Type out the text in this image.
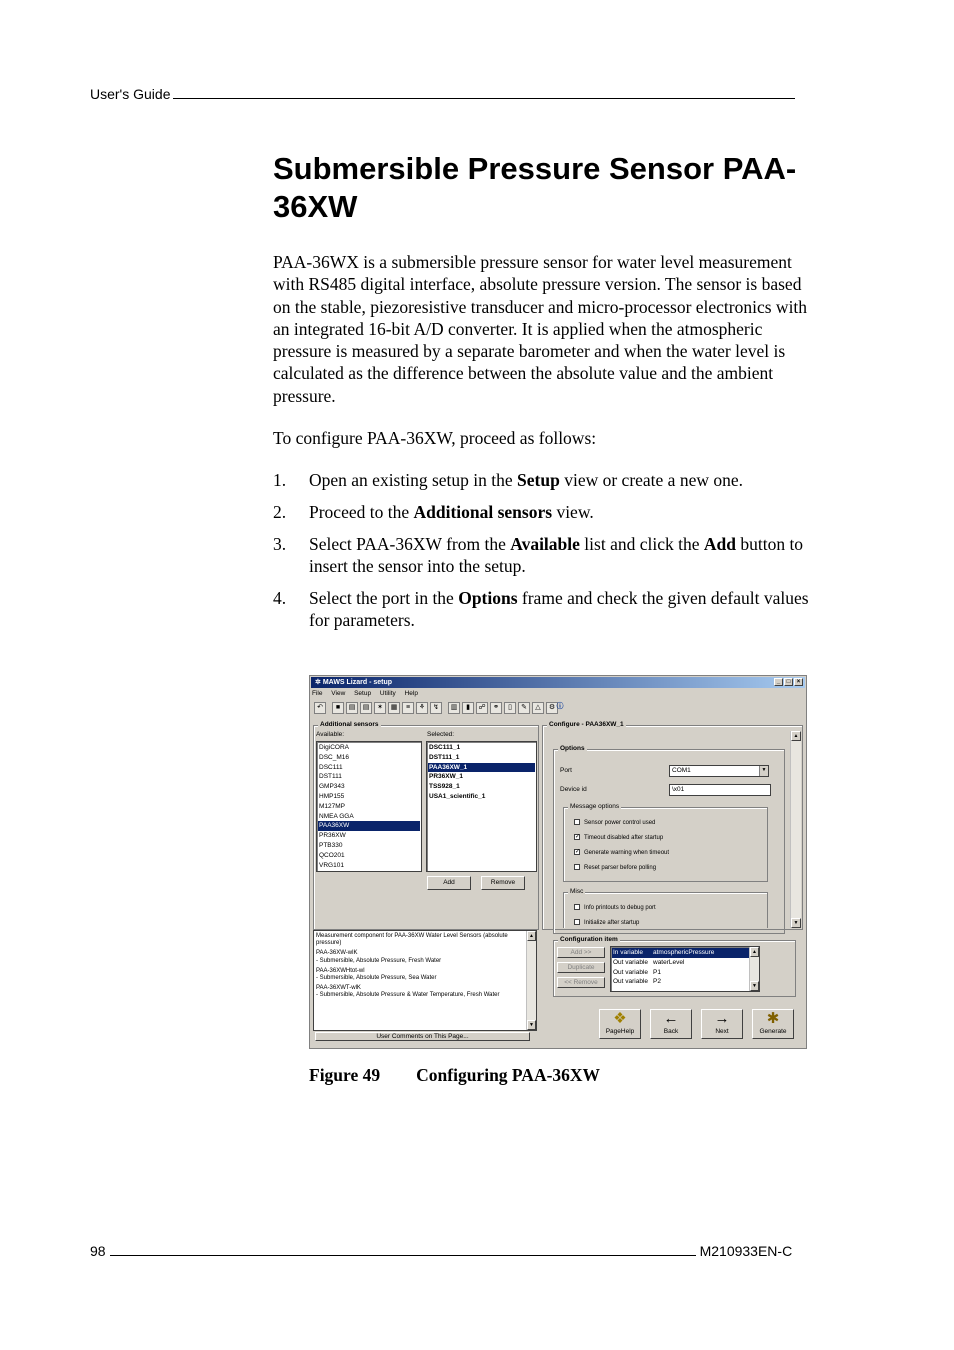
User's Guide
Submersible Pressure Sensor PAA-36XW

PAA-36WX is a submersible pressure sensor for water level measurement with RS485 digital interface, absolute pressure version. The sensor is based on the stable, piezoresistive transducer and micro-processor electronics with an integrated 16-bit A/D converter. It is applied when the atmospheric pressure is measured by a separate barometer and when the water level is calculated as the difference between the absolute value and the ambient pressure.

To configure PAA-36XW, proceed as follows:

1. Open an existing setup in the Setup view or create a new one.
2. Proceed to the Additional sensors view.
3. Select PAA-36XW from the Available list and click the Add button to insert the sensor into the setup.
4. Select the port in the Options frame and check the given default values for parameters.
✲ MAWS Lizard - setup	_	□	×
File View Setup Utility Help
↶	■	▤	▤	✶	▦	≡	⚘	↯	▥	▮	☍	⚭	▯	✎	△	⚙ ⓘ
Additional sensors
Available:	Selected:
DigiCORA
DSC_M16
DSC111
DST111
GMP343
HMP155
M127MP
NMEA GGA
PAA36XW
PR36XW
PTB330
QCO201
VRG101
DSC111_1
DST111_1
PAA36XW_1
PR36XW_1
TSS928_1
USA1_scientific_1
Add	Remove

Measurement component for PAA-36XW Water Level Sensors (absolute pressure)

PAA-36XW-wlK

- Submersible, Absolute Pressure, Fresh Water

PAA-36XWHtot-wl

- Submersible, Absolute Pressure, Sea Water

PAA-36XWT-wlK
- Submersible, Absolute Pressure & Water Temperature, Fresh Water
▲
▼
User Comments on This Page...
Configure - PAA36XW_1
▲
▼
Options
Port	COM1	▼
Device id	\x01
Message options
Sensor power control used
✓ Timeout disabled after startup
✓ Generate warning when timeout
Reset parser before polling
Misc
Info printouts to debug port
Initialize after startup
Configuration item
Add >>
Duplicate
<< Remove
In variable atmosphericPressure
Out variable waterLevel
Out variable P1
Out variable P2
▲
▼
❖
PageHelp
←
Back
→
Next
✱
Generate
Figure 49 Configuring PAA-36XW
98	M210933EN-C
